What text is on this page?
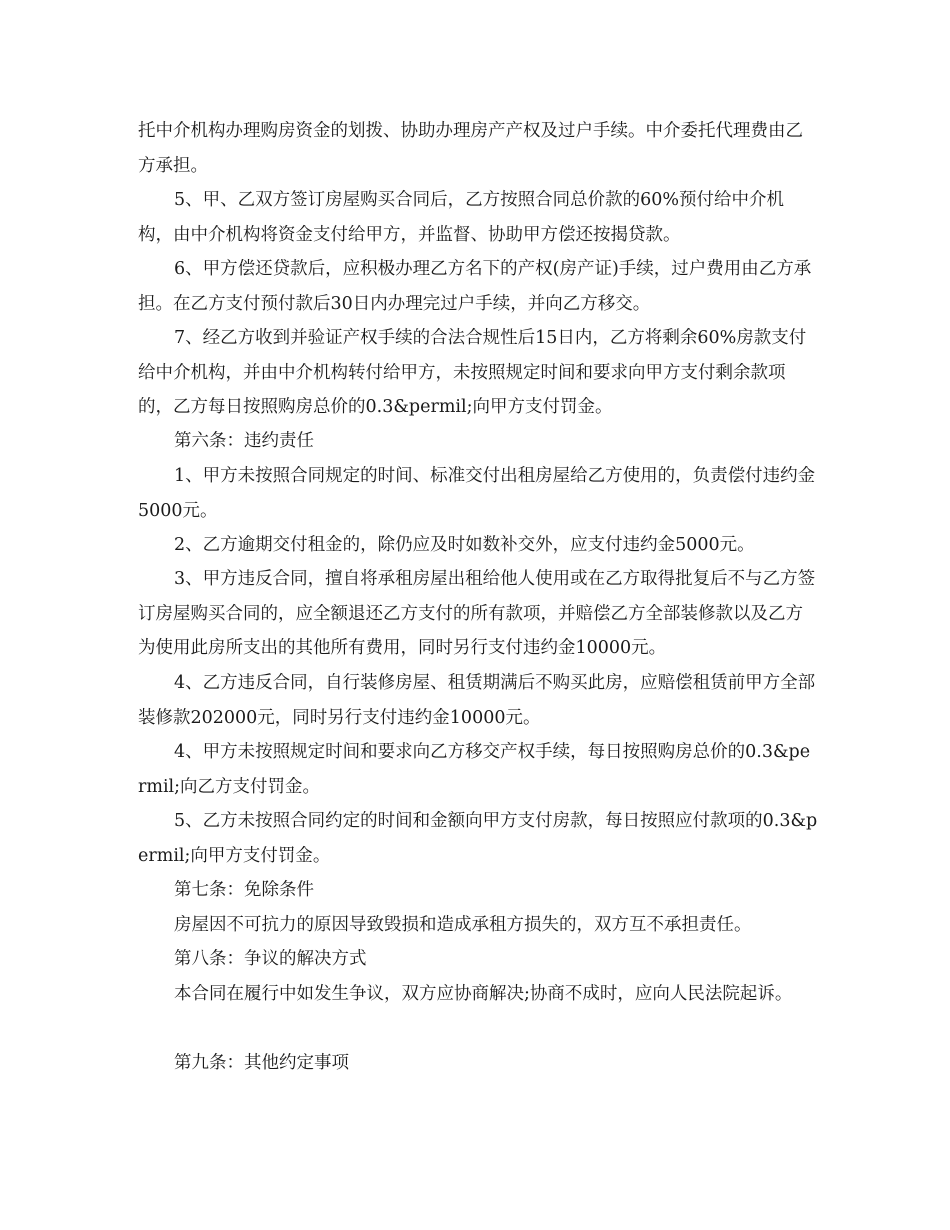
托中介机构办理购房资金的划拨、协助办理房产产权及过户手续。中介委托代理费由乙方承担。

5、甲、乙双方签订房屋购买合同后，乙方按照合同总价款的60%预付给中介机构，由中介机构将资金支付给甲方，并监督、协助甲方偿还按揭贷款。

6、甲方偿还贷款后，应积极办理乙方名下的产权(房产证)手续，过户费用由乙方承担。在乙方支付预付款后30日内办理完过户手续，并向乙方移交。

7、经乙方收到并验证产权手续的合法合规性后15日内，乙方将剩余60%房款支付给中介机构，并由中介机构转付给甲方，未按照规定时间和要求向甲方支付剩余款项的，乙方每日按照购房总价的0.3&permil;向甲方支付罚金。

第六条：违约责任

1、甲方未按照合同规定的时间、标准交付出租房屋给乙方使用的，负责偿付违约金5000元。

2、乙方逾期交付租金的，除仍应及时如数补交外，应支付违约金5000元。

3、甲方违反合同，擅自将承租房屋出租给他人使用或在乙方取得批复后不与乙方签订房屋购买合同的，应全额退还乙方支付的所有款项，并赔偿乙方全部装修款以及乙方为使用此房所支出的其他所有费用，同时另行支付违约金10000元。

4、乙方违反合同，自行装修房屋、租赁期满后不购买此房，应赔偿租赁前甲方全部装修款202000元，同时另行支付违约金10000元。

4、甲方未按照规定时间和要求向乙方移交产权手续，每日按照购房总价的0.3&permil;向乙方支付罚金。

5、乙方未按照合同约定的时间和金额向甲方支付房款，每日按照应付款项的0.3&permil;向甲方支付罚金。

第七条：免除条件

房屋因不可抗力的原因导致毁损和造成承租方损失的，双方互不承担责任。

第八条：争议的解决方式

本合同在履行中如发生争议，双方应协商解决;协商不成时，应向人民法院起诉。

第九条：其他约定事项
